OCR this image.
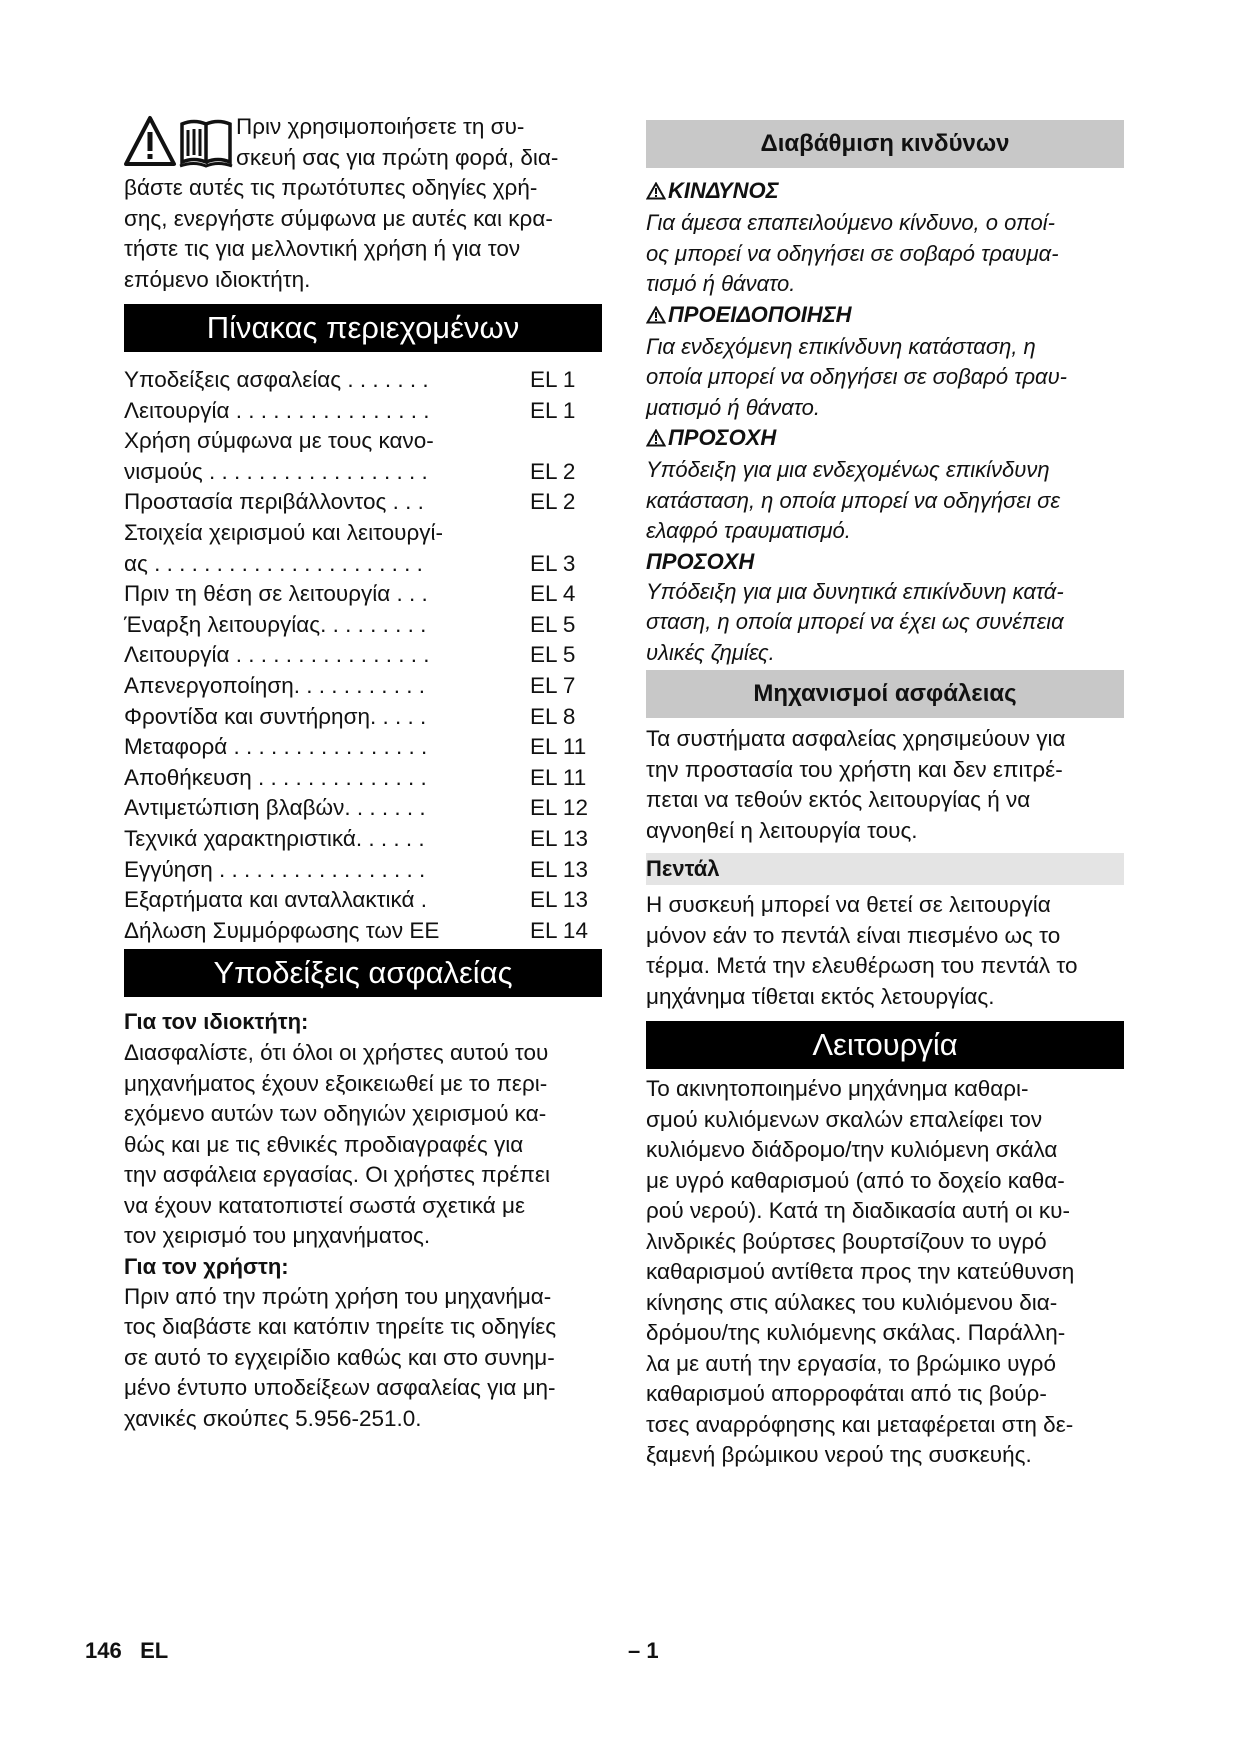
Πριν χρησιμοποιήσετε τη συ-

σκευή σας για πρώτη φορά, δια-

βάστε αυτές τις πρωτότυπες οδηγίες χρή-

σης, ενεργήστε σύμφωνα με αυτές και κρα-

τήστε τις για μελλοντική χρήση ή για τον

επόμενο ιδιοκτήτη.

Πίνακας περιεχομένων
Υποδείξεις ασφαλείας . . . . . . .	EL 1
Λειτουργία . . . . . . . . . . . . . . . .	EL 1
Χρήση σύμφωνα με τους κανο-
νισμούς . . . . . . . . . . . . . . . . . .	EL 2
Προστασία περιβάλλοντος . . .	EL 2
Στοιχεία χειρισμού και λειτουργί-
ας . . . . . . . . . . . . . . . . . . . . . .	EL 3
Πριν τη θέση σε λειτουργία . . .	EL 4
Έναρξη λειτουργίας. . . . . . . . .	EL 5
Λειτουργία . . . . . . . . . . . . . . . .	EL 5
Απενεργοποίηση. . . . . . . . . . .	EL 7
Φροντίδα και συντήρηση. . . . .	EL 8
Μεταφορά . . . . . . . . . . . . . . . .	EL 11
Αποθήκευση . . . . . . . . . . . . . .	EL 11
Αντιμετώπιση βλαβών. . . . . . .	EL 12
Τεχνικά χαρακτηριστικά. . . . . .	EL 13
Εγγύηση . . . . . . . . . . . . . . . . .	EL 13
Εξαρτήματα και ανταλλακτικά .	EL 13
Δήλωση Συμμόρφωσης των ΕΕ	EL 14
Υποδείξεις ασφαλείας

Για τον ιδιοκτήτη:

Διασφαλίστε, ότι όλοι οι χρήστες αυτού του

μηχανήματος έχουν εξοικειωθεί με το περι-

εχόμενο αυτών των οδηγιών χειρισμού κα-

θώς και με τις εθνικές προδιαγραφές για

την ασφάλεια εργασίας. Οι χρήστες πρέπει

να έχουν κατατοπιστεί σωστά σχετικά με

τον χειρισμό του μηχανήματος.

Για τον χρήστη:

Πριν από την πρώτη χρήση του μηχανήμα-

τος διαβάστε και κατόπιν τηρείτε τις οδηγίες

σε αυτό το εγχειρίδιο καθώς και στο συνημ-

μένο έντυπο υποδείξεων ασφαλείας για μη-

χανικές σκούπες 5.956-251.0.

Διαβάθμιση κινδύνων

ΚΙΝΔΥΝΟΣ

Για άμεσα επαπειλούμενο κίνδυνο, ο οποί-

ος μπορεί να οδηγήσει σε σοβαρό τραυμα-

τισμό ή θάνατο.

ΠΡΟΕΙΔΟΠΟΙΗΣΗ

Για ενδεχόμενη επικίνδυνη κατάσταση, η

οποία μπορεί να οδηγήσει σε σοβαρό τραυ-

ματισμό ή θάνατο.

ΠΡΟΣΟΧΗ

Υπόδειξη για μια ενδεχομένως επικίνδυνη

κατάσταση, η οποία μπορεί να οδηγήσει σε

ελαφρό τραυματισμό.

ΠΡΟΣΟΧΗ

Υπόδειξη για μια δυνητικά επικίνδυνη κατά-

σταση, η οποία μπορεί να έχει ως συνέπεια

υλικές ζημίες.

Μηχανισμοί ασφάλειας

Τα συστήματα ασφαλείας χρησιμεύουν για

την προστασία του χρήστη και δεν επιτρέ-

πεται να τεθούν εκτός λειτουργίας ή να

αγνοηθεί η λειτουργία τους.

Πεντάλ

Η συσκευή μπορεί να θετεί σε λειτουργία

μόνον εάν το πεντάλ είναι πιεσμένο ως το

τέρμα. Μετά την ελευθέρωση του πεντάλ το

μηχάνημα τίθεται εκτός λετουργίας.

Λειτουργία

Το ακινητοποιημένο μηχάνημα καθαρι-

σμού κυλιόμενων σκαλών επαλείφει τον

κυλιόμενο διάδρομο/την κυλιόμενη σκάλα

με υγρό καθαρισμού (από το δοχείο καθα-

ρού νερού). Κατά τη διαδικασία αυτή οι κυ-

λινδρικές βούρτσες βουρτσίζουν το υγρό

καθαρισμού αντίθετα προς την κατεύθυνση

κίνησης στις αύλακες του κυλιόμενου δια-

δρόμου/της κυλιόμενης σκάλας. Παράλλη-

λα με αυτή την εργασία, το βρώμικο υγρό

καθαρισμού απορροφάται από τις βούρ-

τσες αναρρόφησης και μεταφέρεται στη δε-

ξαμενή βρώμικου νερού της συσκευής.

146 EL	– 1
